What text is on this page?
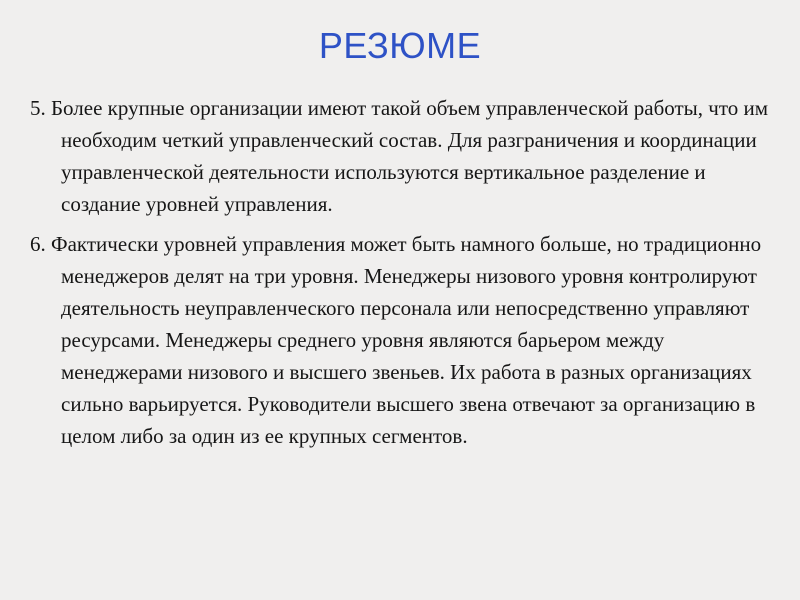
РЕЗЮМЕ

5. Более крупные организации имеют такой объем управленческой работы, что им необходим четкий управленческий состав. Для разграничения и координации управленческой деятельности используются вертикальное разделение и создание уровней управления.

6. Фактически уровней управления может быть намного больше, но традиционно менеджеров делят на три уровня. Менеджеры низового уровня контролируют деятельность неуправленческого персонала или непосредственно управляют ресурсами. Менеджеры среднего уровня являются барьером между менеджерами низового и высшего звеньев. Их работа в разных организациях сильно варьируется. Руководители высшего звена отвечают за организацию в целом либо за один из ее крупных сегментов.
